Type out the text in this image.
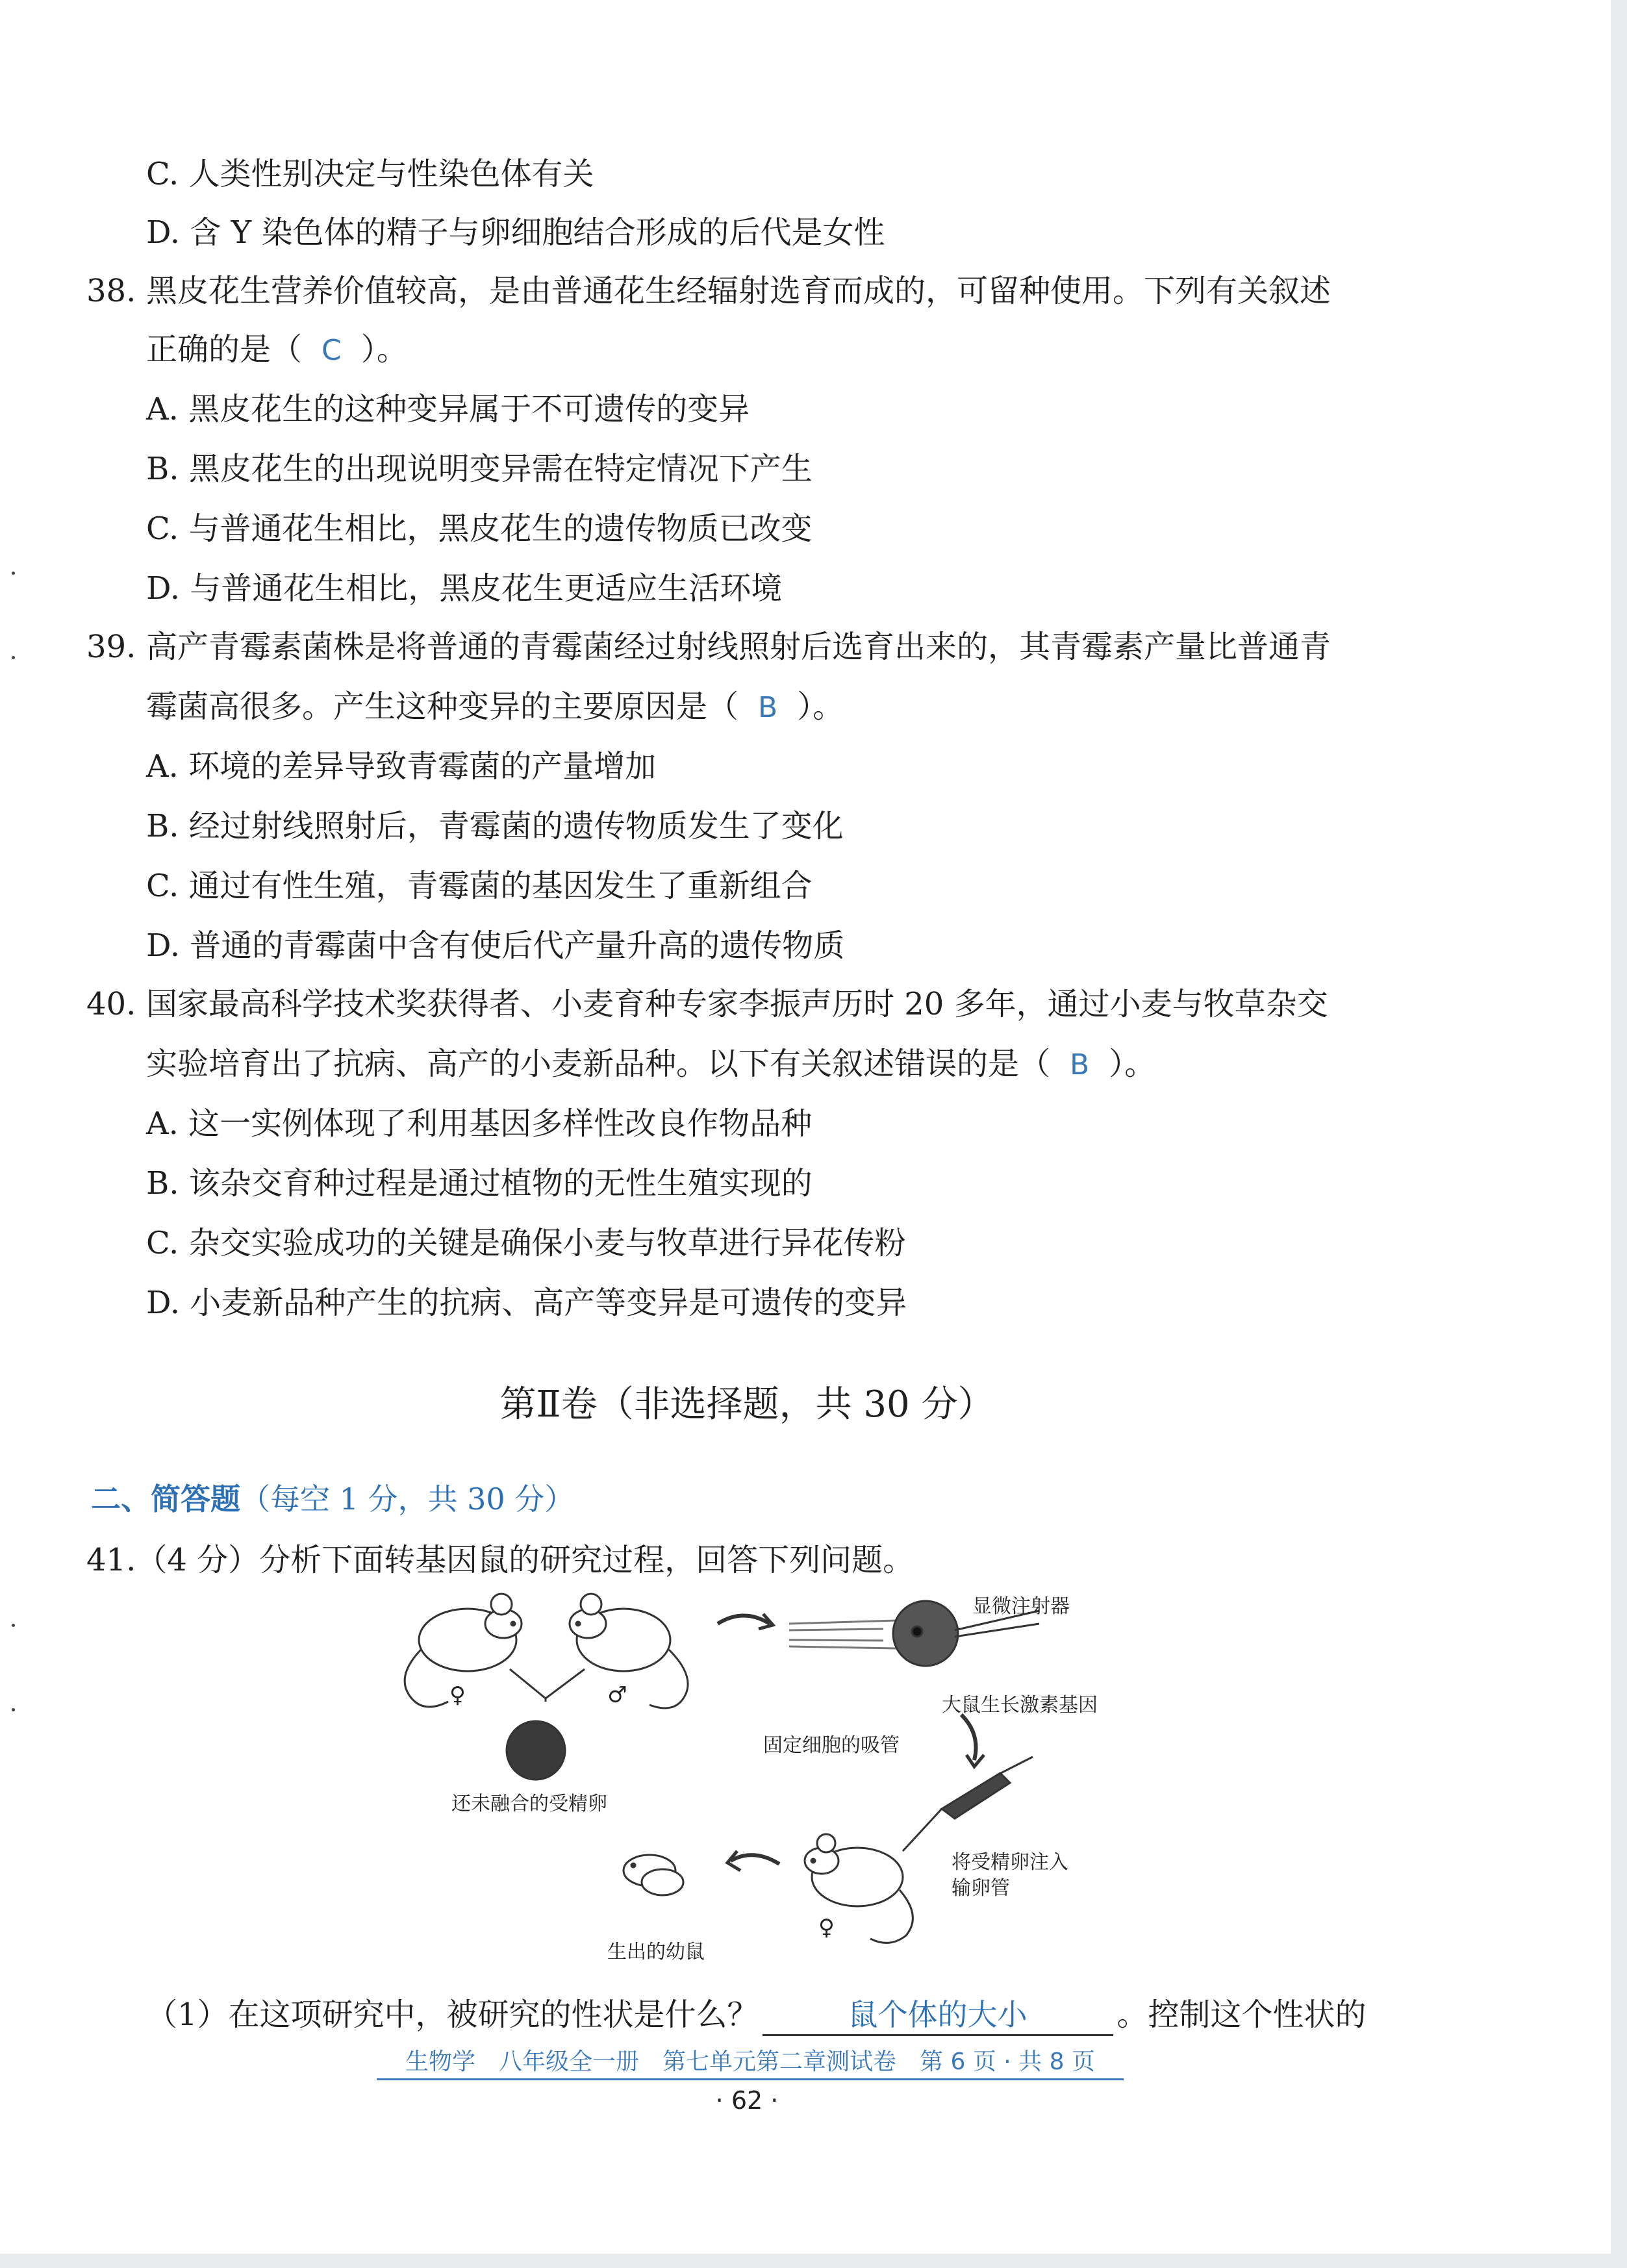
C. 人类性别决定与性染色体有关
D. 含 Y 染色体的精子与卵细胞结合形成的后代是女性
38. 黑皮花生营养价值较高，是由普通花生经辐射选育而成的，可留种使用。下列有关叙述
正确的是（ C ）。
A. 黑皮花生的这种变异属于不可遗传的变异
B. 黑皮花生的出现说明变异需在特定情况下产生
C. 与普通花生相比，黑皮花生的遗传物质已改变
D. 与普通花生相比，黑皮花生更适应生活环境
39. 高产青霉素菌株是将普通的青霉菌经过射线照射后选育出来的，其青霉素产量比普通青
霉菌高很多。产生这种变异的主要原因是（ B ）。
A. 环境的差异导致青霉菌的产量增加
B. 经过射线照射后，青霉菌的遗传物质发生了变化
C. 通过有性生殖，青霉菌的基因发生了重新组合
D. 普通的青霉菌中含有使后代产量升高的遗传物质
40. 国家最高科学技术奖获得者、小麦育种专家李振声历时 20 多年，通过小麦与牧草杂交
实验培育出了抗病、高产的小麦新品种。以下有关叙述错误的是（ B ）。
A. 这一实例体现了利用基因多样性改良作物品种
B. 该杂交育种过程是通过植物的无性生殖实现的
C. 杂交实验成功的关键是确保小麦与牧草进行异花传粉
D. 小麦新品种产生的抗病、高产等变异是可遗传的变异
第Ⅱ卷（非选择题，共 30 分）
二、简答题（每空 1 分，共 30 分）
41.（4 分）分析下面转基因鼠的研究过程，回答下列问题。
♀	♂
显微注射器
大鼠生长激素基因
固定细胞的吸管
还未融合的受精卵
将受精卵注入
输卵管
♀
生出的幼鼠
（1）在这项研究中，被研究的性状是什么？	鼠个体的大小	。控制这个性状的
生物学　八年级全一册　第七单元第二章测试卷　第 6 页 · 共 8 页
· 62 ·
